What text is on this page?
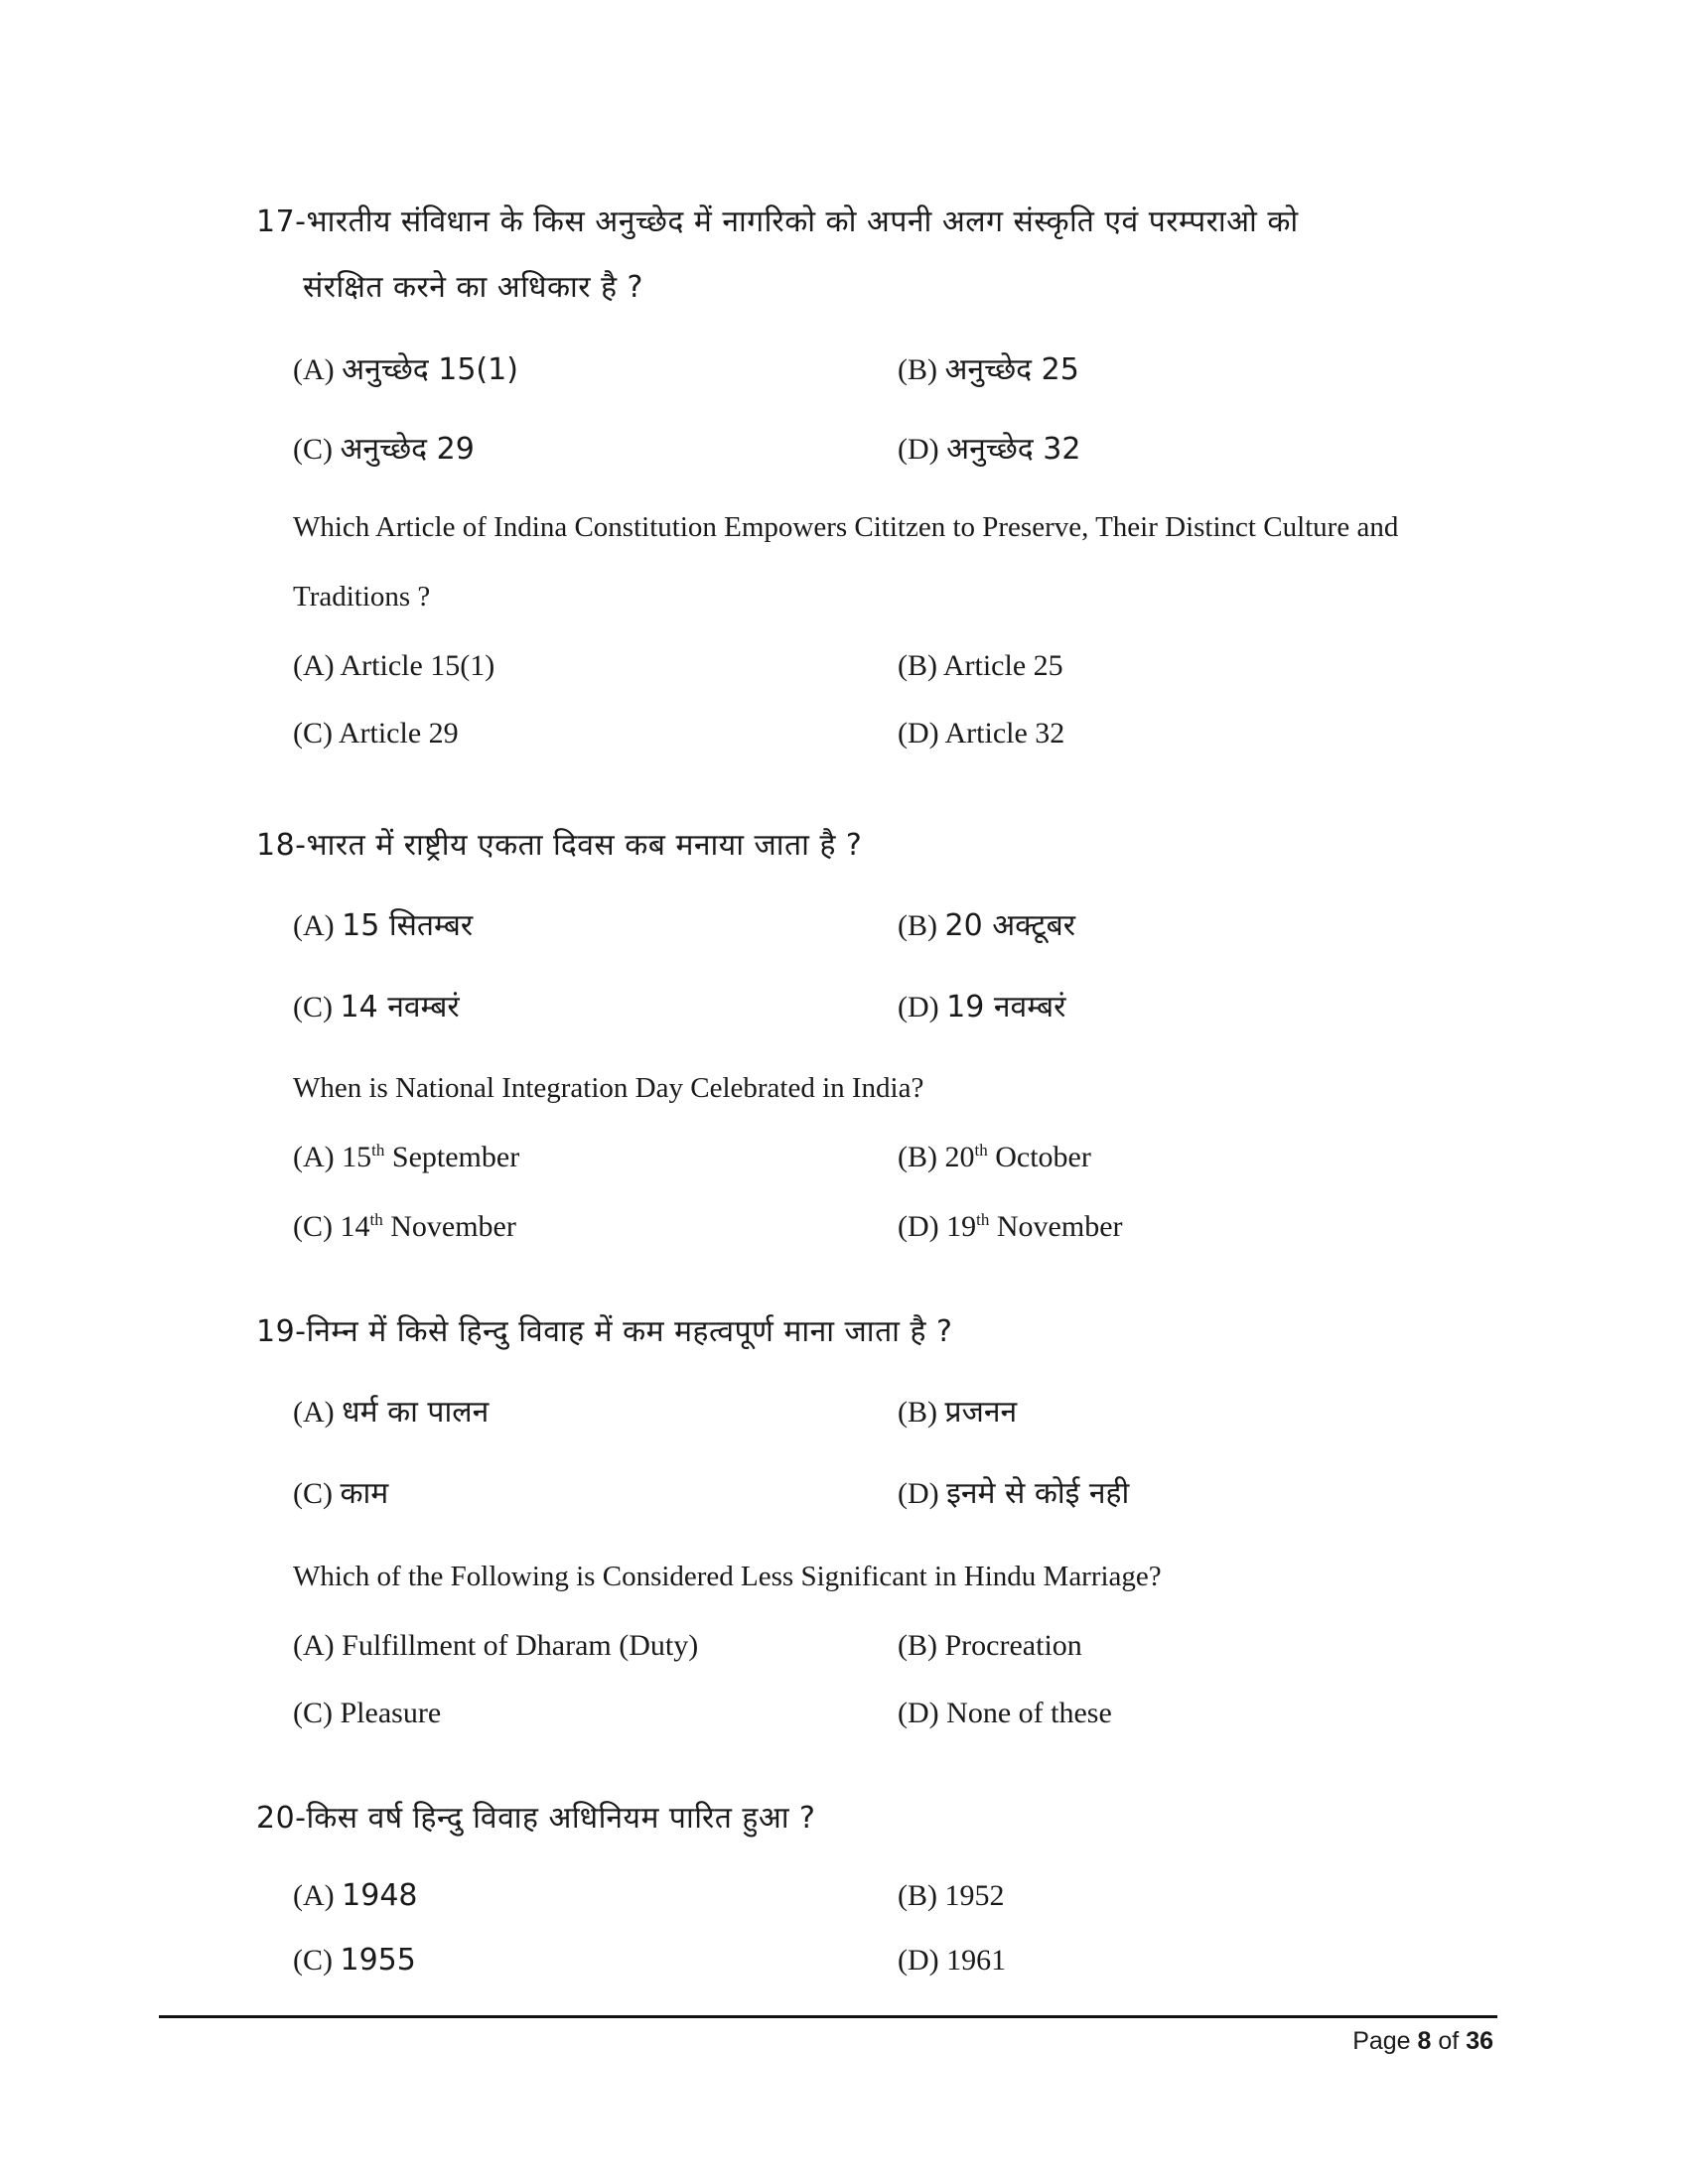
17-भारतीय संविधान के किस अनुच्छेद में नागरिको को अपनी अलग संस्कृति एवं परम्पराओ को
संरक्षित करने का अधिकार है ?
(A) अनुच्छेद 15(1)	(B) अनुच्छेद 25
(C) अनुच्छेद 29	(D) अनुच्छेद 32
Which Article of Indina Constitution Empowers Cititzen to Preserve, Their Distinct Culture and
Traditions ?
(A) Article 15(1)	(B) Article 25
(C) Article 29	(D) Article 32
18-भारत में राष्ट्रीय एकता दिवस कब मनाया जाता है ?
(A) 15 सितम्बर	(B) 20 अक्टूबर
(C) 14 नवम्बरं	(D) 19 नवम्बरं
When is National Integration Day Celebrated in India?
(A) 15th September	(B) 20th October
(C) 14th November	(D) 19th November
19-निम्न में किसे हिन्दु विवाह में कम महत्वपूर्ण माना जाता है ?
(A) धर्म का पालन	(B) प्रजनन
(C) काम	(D) इनमे से कोई नही
Which of the Following is Considered Less Significant in Hindu Marriage?
(A) Fulfillment of Dharam (Duty)	(B) Procreation
(C) Pleasure	(D) None of these
20-किस वर्ष हिन्दु विवाह अधिनियम पारित हुआ ?
(A) 1948	(B) 1952
(C) 1955	(D) 1961
Page 8 of 36
